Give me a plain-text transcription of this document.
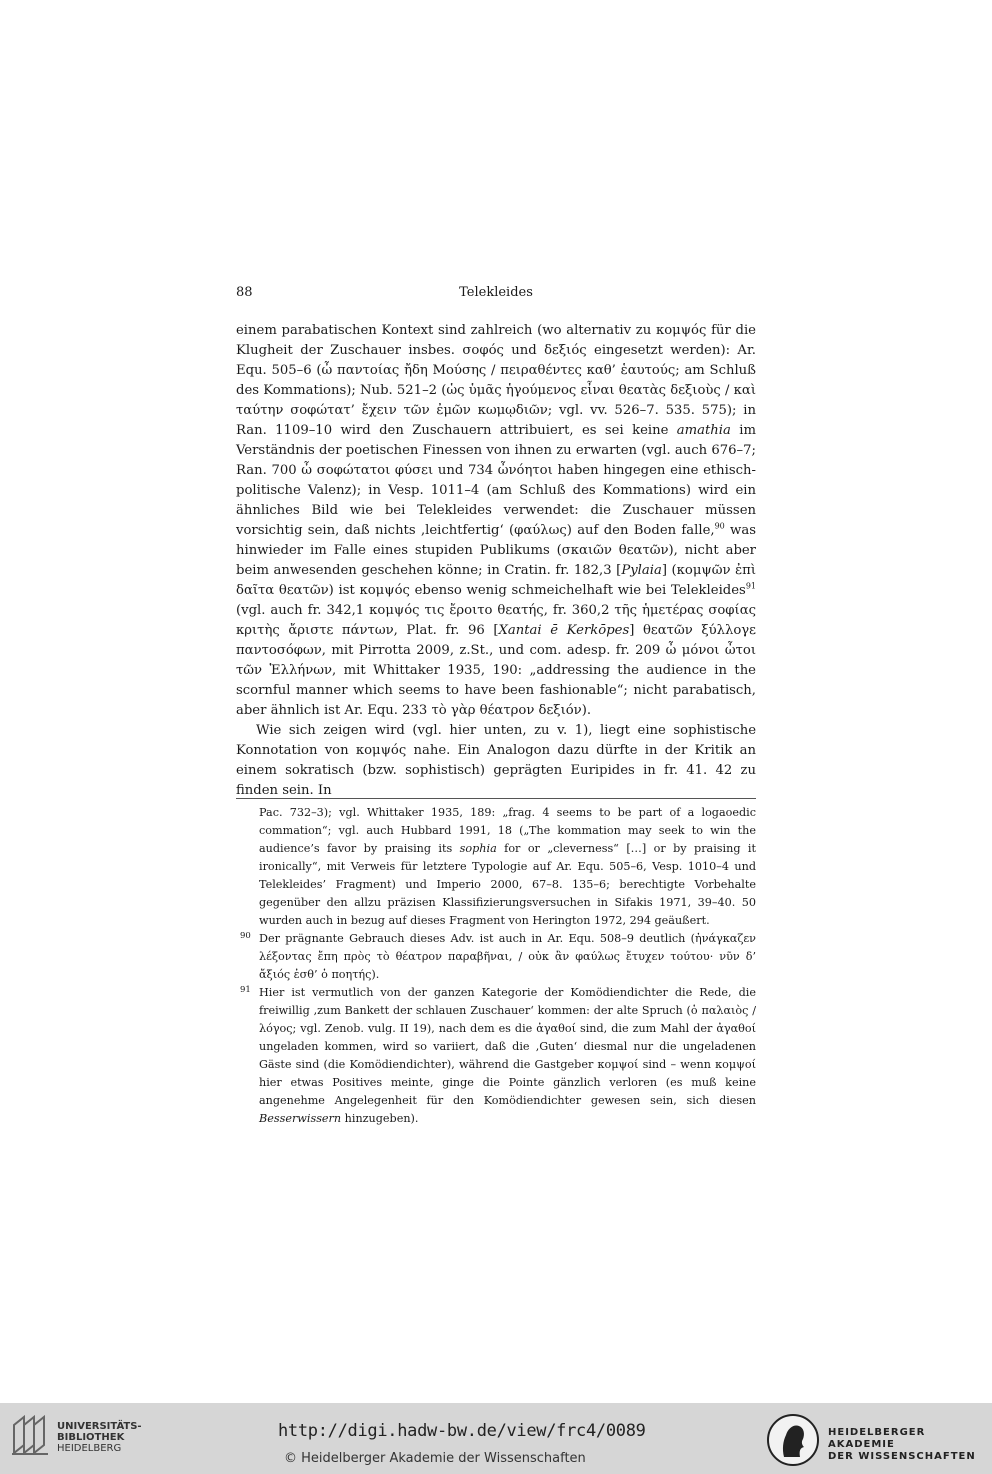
88	Telekleides

einem parabatischen Kontext sind zahlreich (wo alternativ zu κομψός für die Klugheit der Zuschauer insbes. σοφός und δεξιός eingesetzt werden): Ar. Equ. 505–6 (ὦ παντοίας ἤδη Μούσης / πειραθέντες καθ’ ἑαυτούς; am Schluß des Kommations); Nub. 521–2 (ὡς ὑμᾶς ἡγούμενος εἶναι θεατὰς δεξιοὺς / καὶ ταύτην σοφώτατ’ ἔχειν τῶν ἐμῶν κωμῳδιῶν; vgl. vv. 526–7. 535. 575); in Ran. 1109–10 wird den Zuschauern attribuiert, es sei keine amathia im Verständnis der poetischen Finessen von ihnen zu erwarten (vgl. auch 676–7; Ran. 700 ὦ σοφώτατοι φύσει und 734 ὦνόητοι haben hingegen eine ethisch-politische Valenz); in Vesp. 1011–4 (am Schluß des Kommations) wird ein ähnliches Bild wie bei Telekleides verwendet: die Zuschauer müssen vorsichtig sein, daß nichts ‚leichtfertig‘ (φαύλως) auf den Boden falle,$^{90}$ was hinwieder im Falle eines stupiden Publikums (σκαιῶν θεατῶν), nicht aber beim anwesenden geschehen könne; in Cratin. fr. 182,3 [Pylaia] (κομψῶν ἐπὶ δαῖτα θεατῶν) ist κομψός ebenso wenig schmeichelhaft wie bei Telekleides$^{91}$ (vgl. auch fr. 342,1 κομψός τις ἔροιτο θεατής, fr. 360,2 τῆς ἡμετέρας σοφίας κριτὴς ἄριστε πάντων, Plat. fr. 96 [Xantai ē Kerkōpes] θεατῶν ξύλλογε παντοσόφων, mit Pirrotta 2009, z.St., und com. adesp. fr. 209 ὦ μόνοι ὦτοι τῶν Ἑλλήνων, mit Whittaker 1935, 190: „addressing the audience in the scornful manner which seems to have been fashionable“; nicht parabatisch, aber ähnlich ist Ar. Equ. 233 τὸ γὰρ θέατρον δεξιόν).

Wie sich zeigen wird (vgl. hier unten, zu v. 1), liegt eine sophistische Konnotation von κομψός nahe. Ein Analogon dazu dürfte in der Kritik an einem sokratisch (bzw. sophistisch) geprägten Euripides in fr. 41. 42 zu finden sein. In

Pac. 732–3); vgl. Whittaker 1935, 189: „frag. 4 seems to be part of a logaoedic commation“; vgl. auch Hubbard 1991, 18 („The kommation may seek to win the audience’s favor by praising its sophia for or „cleverness“ […] or by praising it ironically“, mit Verweis für letztere Typologie auf Ar. Equ. 505–6, Vesp. 1010–4 und Telekleides’ Fragment) und Imperio 2000, 67–8. 135–6; berechtigte Vorbehalte gegenüber den allzu präzisen Klassifizierungsversuchen in Sifakis 1971, 39–40. 50 wurden auch in bezug auf dieses Fragment von Herington 1972, 294 geäußert.

90 Der prägnante Gebrauch dieses Adv. ist auch in Ar. Equ. 508–9 deutlich (ἠνάγκαζεν λέξοντας ἔπη πρὸς τὸ θέατρον παραβῆναι, / οὐκ ἂν φαύλως ἔτυχεν τούτου· νῦν δ’ ἄξιός ἐσθ’ ὁ ποητής).

91 Hier ist vermutlich von der ganzen Kategorie der Komödiendichter die Rede, die freiwillig ‚zum Bankett der schlauen Zuschauer‘ kommen: der alte Spruch (ὁ παλαιὸς / λόγος; vgl. Zenob. vulg. II 19), nach dem es die ἀγαθοί sind, die zum Mahl der ἀγαθοί ungeladen kommen, wird so variiert, daß die ‚Guten‘ diesmal nur die ungeladenen Gäste sind (die Komödiendichter), während die Gastgeber κομψοί sind – wenn κομψοί hier etwas Positives meinte, ginge die Pointe gänzlich verloren (es muß keine angenehme Angelegenheit für den Komödiendichter gewesen sein, sich diesen Besserwissern hinzugeben).

UNIVERSITÄTS-
BIBLIOTHEK
HEIDELBERG
http://digi.hadw-bw.de/view/frc4/0089
© Heidelberger Akademie der Wissenschaften
HEIDELBERGER AKADEMIE
DER WISSENSCHAFTEN
